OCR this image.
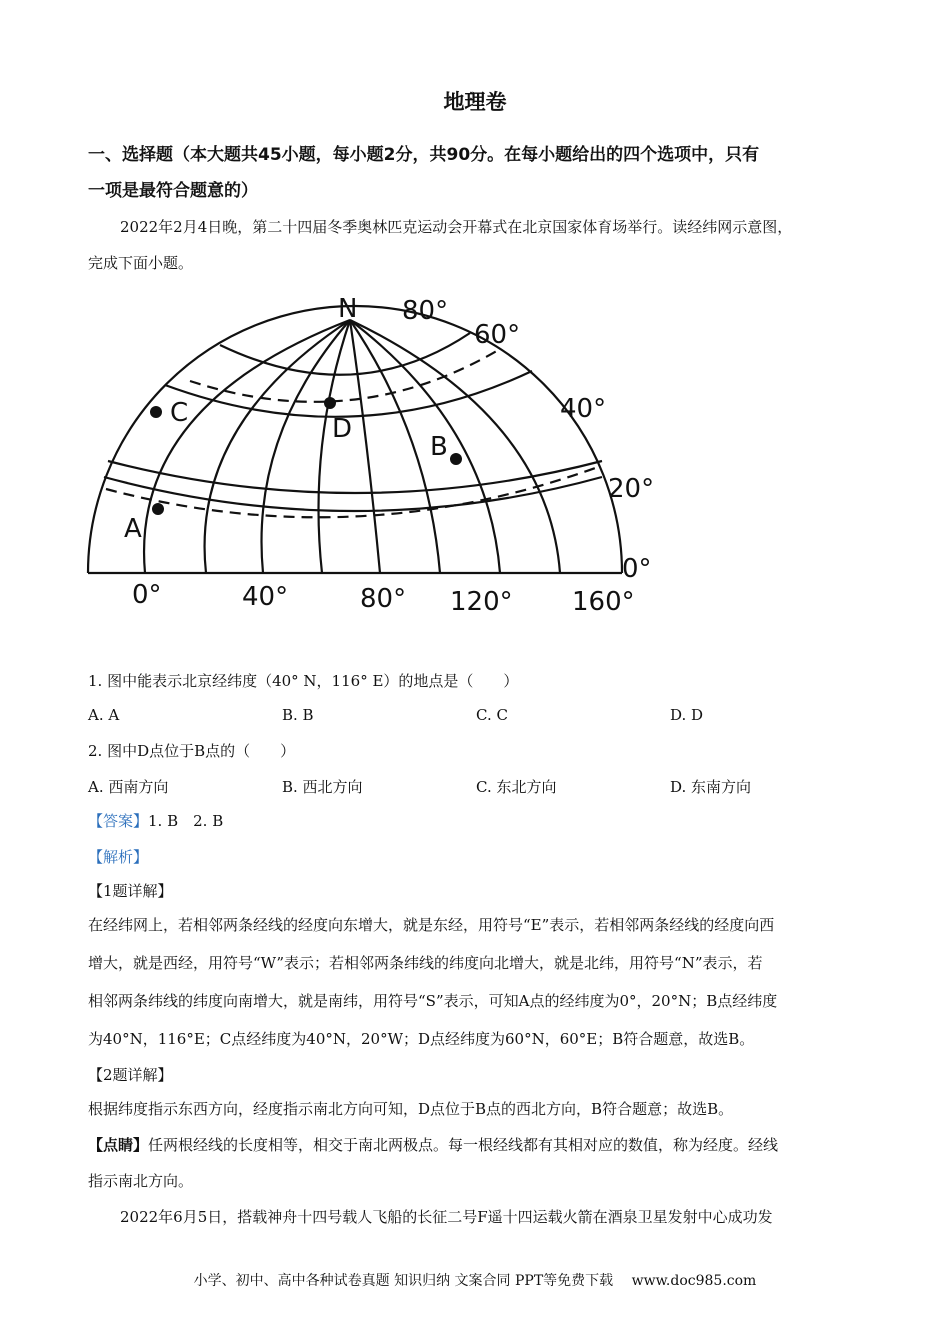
地理卷
一、选择题（本大题共45小题，每小题2分，共90分。在每小题给出的四个选项中，只有
一项是最符合题意的）
2022年2月4日晚，第二十四届冬季奥林匹克运动会开幕式在北京国家体育场举行。读经纬网示意图，
完成下面小题。
N 80°
60°
40°
20°
0°
0°	40°	80° 120° 160°
A
B
C
D
1. 图中能表示北京经纬度（40° N，116° E）的地点是（　　）
A. A	B. B	C. C	D. D
2. 图中D点位于B点的（　　）
A. 西南方向	B. 西北方向	C. 东北方向	D. 东南方向
【答案】1. B　2. B
【解析】
【1题详解】
在经纬网上，若相邻两条经线的经度向东增大，就是东经，用符号“E”表示，若相邻两条经线的经度向西
增大，就是西经，用符号“W”表示；若相邻两条纬线的纬度向北增大，就是北纬，用符号“N”表示，若
相邻两条纬线的纬度向南增大，就是南纬，用符号“S”表示，可知A点的经纬度为0°，20°N；B点经纬度
为40°N，116°E；C点经纬度为40°N，20°W；D点经纬度为60°N，60°E；B符合题意，故选B。
【2题详解】
根据纬度指示东西方向，经度指示南北方向可知，D点位于B点的西北方向，B符合题意；故选B。
【点睛】任两根经线的长度相等，相交于南北两极点。每一根经线都有其相对应的数值，称为经度。经线
指示南北方向。
2022年6月5日，搭载神舟十四号载人飞船的长征二号F遥十四运载火箭在酒泉卫星发射中心成功发
小学、初中、高中各种试卷真题 知识归纳 文案合同 PPT等免费下载　 www.doc985.com
